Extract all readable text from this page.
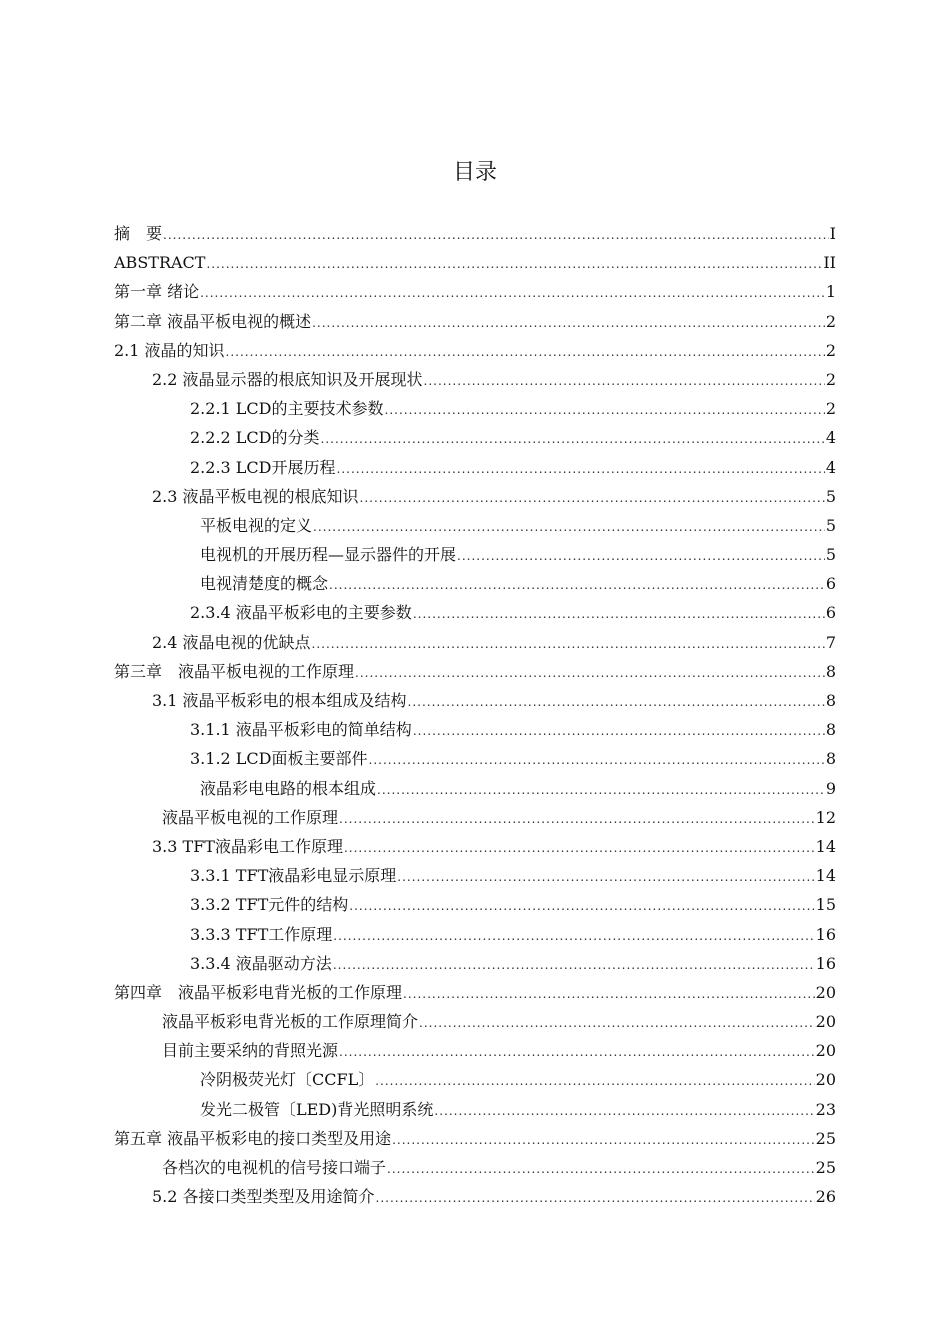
目录
摘　要 .....	I
ABSTRACT .....	II
第一章 绪论 .....	1
第二章 液晶平板电视的概述 .....	2
2.1 液晶的知识 .....	2
2.2 液晶显示器的根底知识及开展现状 .....	2
2.2.1 LCD的主要技术参数 .....	2
2.2.2 LCD的分类 .....	4
2.2.3 LCD开展历程 .....	4
2.3 液晶平板电视的根底知识 .....	5
平板电视的定义 .....	5
电视机的开展历程—显示器件的开展 .....	5
电视清楚度的概念 .....	6
2.3.4 液晶平板彩电的主要参数 .....	6
2.4 液晶电视的优缺点 .....	7
第三章　液晶平板电视的工作原理 .....	8
3.1 液晶平板彩电的根本组成及结构 .....	8
3.1.1 液晶平板彩电的简单结构 .....	8
3.1.2 LCD面板主要部件 .....	8
液晶彩电电路的根本组成 .....	9
液晶平板电视的工作原理 .....	12
3.3 TFT液晶彩电工作原理 .....	14
3.3.1 TFT液晶彩电显示原理 .....	14
3.3.2 TFT元件的结构 .....	15
3.3.3 TFT工作原理 .....	16
3.3.4 液晶驱动方法 .....	16
第四章　液晶平板彩电背光板的工作原理 .....	20
液晶平板彩电背光板的工作原理简介 .....	20
目前主要采纳的背照光源 .....	20
冷阴极荧光灯〔CCFL〕 .....	20
发光二极管〔LED)背光照明系统 .....	23
第五章 液晶平板彩电的接口类型及用途 .....	25
各档次的电视机的信号接口端子 .....	25
5.2 各接口类型类型及用途简介 .....	26
